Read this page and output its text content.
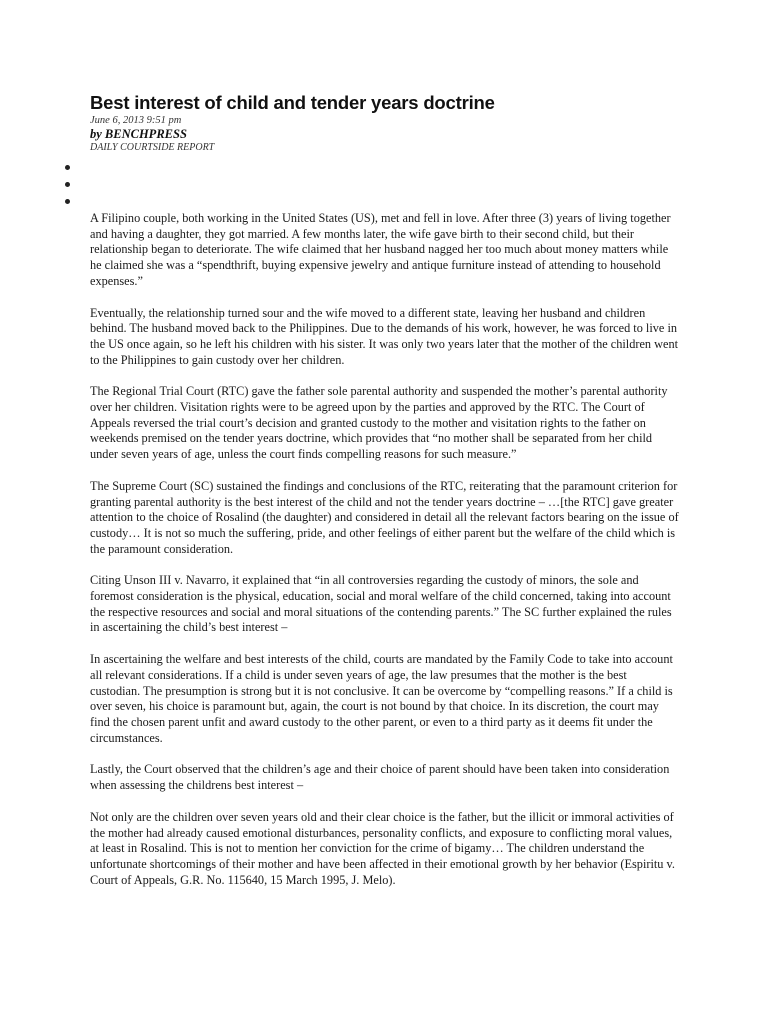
Best interest of child and tender years doctrine
June 6, 2013 9:51 pm
by BENCHPRESS
DAILY COURTSIDE REPORT

A Filipino couple, both working in the United States (US), met and fell in love. After three (3) years of living together and having a daughter, they got married. A few months later, the wife gave birth to their second child, but their relationship began to deteriorate. The wife claimed that her husband nagged her too much about money matters while he claimed she was a “spendthrift, buying expensive jewelry and antique furniture instead of attending to household expenses.”

Eventually, the relationship turned sour and the wife moved to a different state, leaving her husband and children behind. The husband moved back to the Philippines. Due to the demands of his work, however, he was forced to live in the US once again, so he left his children with his sister. It was only two years later that the mother of the children went to the Philippines to gain custody over her children.

The Regional Trial Court (RTC) gave the father sole parental authority and suspended the mother’s parental authority over her children. Visitation rights were to be agreed upon by the parties and approved by the RTC. The Court of Appeals reversed the trial court’s decision and granted custody to the mother and visitation rights to the father on weekends premised on the tender years doctrine, which provides that “no mother shall be separated from her child under seven years of age, unless the court finds compelling reasons for such measure.”

The Supreme Court (SC) sustained the findings and conclusions of the RTC, reiterating that the paramount criterion for granting parental authority is the best interest of the child and not the tender years doctrine – …[the RTC] gave greater attention to the choice of Rosalind (the daughter) and considered in detail all the relevant factors bearing on the issue of custody… It is not so much the suffering, pride, and other feelings of either parent but the welfare of the child which is the paramount consideration.

Citing Unson III v. Navarro, it explained that “in all controversies regarding the custody of minors, the sole and foremost consideration is the physical, education, social and moral welfare of the child concerned, taking into account the respective resources and social and moral situations of the contending parents.” The SC further explained the rules in ascertaining the child’s best interest –

In ascertaining the welfare and best interests of the child, courts are mandated by the Family Code to take into account all relevant considerations. If a child is under seven years of age, the law presumes that the mother is the best custodian. The presumption is strong but it is not conclusive. It can be overcome by “compelling reasons.” If a child is over seven, his choice is paramount but, again, the court is not bound by that choice. In its discretion, the court may find the chosen parent unfit and award custody to the other parent, or even to a third party as it deems fit under the circumstances.

Lastly, the Court observed that the children’s age and their choice of parent should have been taken into consideration when assessing the childrens best interest –

Not only are the children over seven years old and their clear choice is the father, but the illicit or immoral activities of the mother had already caused emotional disturbances, personality conflicts, and exposure to conflicting moral values, at least in Rosalind. This is not to mention her conviction for the crime of bigamy… The children understand the unfortunate shortcomings of their mother and have been affected in their emotional growth by her behavior (Espiritu v. Court of Appeals, G.R. No. 115640, 15 March 1995, J. Melo).
